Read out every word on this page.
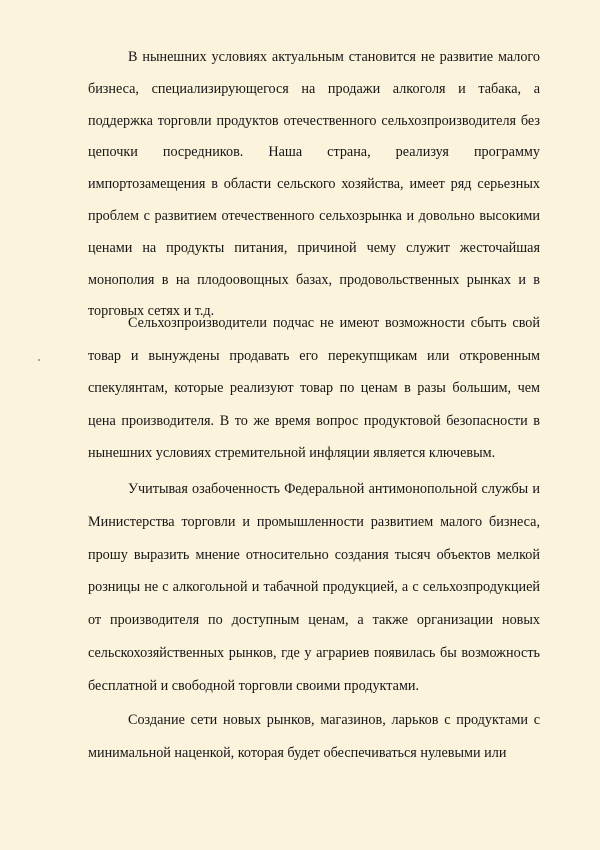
В нынешних условиях актуальным становится не развитие малого бизнеса, специализирующегося на продажи алкоголя и табака, а поддержка торговли продуктов отечественного сельхозпроизводителя без цепочки посредников. Наша страна, реализуя программу импортозамещения в области сельского хозяйства, имеет ряд серьезных проблем с развитием отечественного сельхозрынка и довольно высокими ценами на продукты питания, причиной чему служит жесточайшая монополия в на плодоовощных базах, продовольственных рынках и в торговых сетях и т.д.

Сельхозпроизводители подчас не имеют возможности сбыть свой товар и вынуждены продавать его перекупщикам или откровенным спекулянтам, которые реализуют товар по ценам в разы большим, чем цена производителя. В то же время вопрос продуктовой безопасности в нынешних условиях стремительной инфляции является ключевым.

Учитывая озабоченность Федеральной антимонопольной службы и Министерства торговли и промышленности развитием малого бизнеса, прошу выразить мнение относительно создания тысяч объектов мелкой розницы не с алкогольной и табачной продукцией, а с сельхозпродукцией от производителя по доступным ценам, а также организации новых сельскохозяйственных рынков, где у аграриев появилась бы возможность бесплатной и свободной торговли своими продуктами.

Создание сети новых рынков, магазинов, ларьков с продуктами с минимальной наценкой, которая будет обеспечиваться нулевыми или
